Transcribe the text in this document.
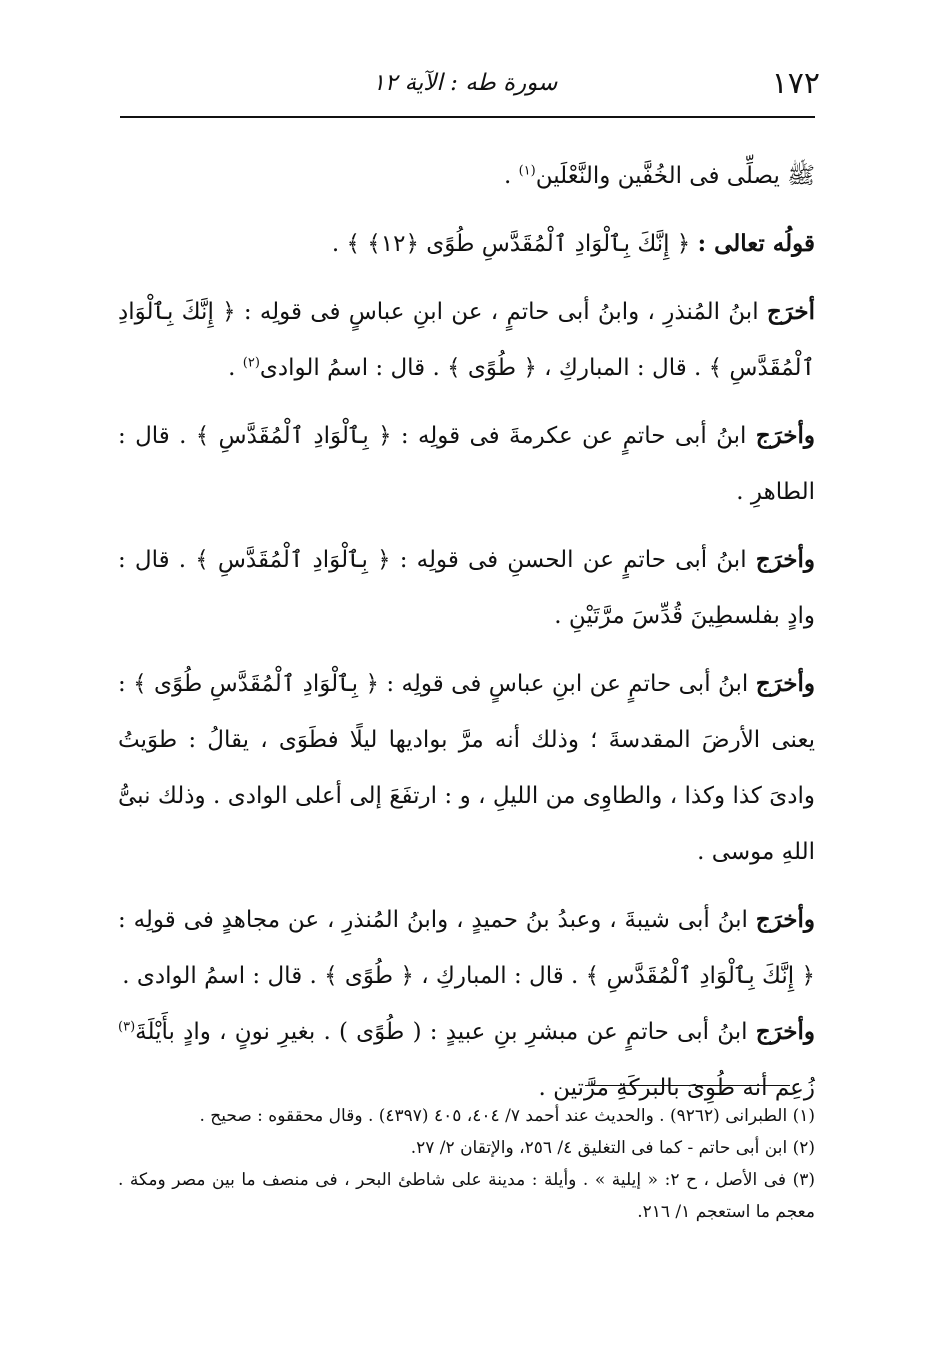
١٧٢
سورة طه : الآية ١٢

ﷺ يصلِّى فى الخُفَّين والنَّعْلَين$^{(١)}$ .

قولُه تعالى : ﴿ إِنَّكَ بِٱلْوَادِ ٱلْمُقَدَّسِ طُوًى ﴿١٢﴾ ﴾ .

أخرَج ابنُ المُنذرِ ، وابنُ أبى حاتمٍ ، عن ابنِ عباسٍ فى قولِه : ﴿ إِنَّكَ بِٱلْوَادِ ٱلْمُقَدَّسِ ﴾ . قال : المباركِ ، ﴿ طُوًى ﴾ . قال : اسمُ الوادى$^{(٢)}$ .

وأخرَج ابنُ أبى حاتمٍ عن عكرمةَ فى قولِه : ﴿ بِٱلْوَادِ ٱلْمُقَدَّسِ ﴾ . قال : الطاهرِ .

وأخرَج ابنُ أبى حاتمٍ عن الحسنِ فى قولِه : ﴿ بِٱلْوَادِ ٱلْمُقَدَّسِ ﴾ . قال : وادٍ بفلسطِينَ قُدِّسَ مرَّتَيْنِ .

وأخرَج ابنُ أبى حاتمٍ عن ابنِ عباسٍ فى قولِه : ﴿ بِٱلْوَادِ ٱلْمُقَدَّسِ طُوًى ﴾ : يعنى الأرضَ المقدسةَ ؛ وذلك أنه مرَّ بواديها ليلًا فطَوَى ، يقالُ : طوَيتُ وادىَ كذا وكذا ، والطاوِى من الليلِ ، و : ارتفَعَ إلى أعلى الوادى . وذلك نبىُّ اللهِ موسى .

وأخرَج ابنُ أبى شيبةَ ، وعبدُ بنُ حميدٍ ، وابنُ المُنذرِ ، عن مجاهدٍ فى قولِه : ﴿ إِنَّكَ بِٱلْوَادِ ٱلْمُقَدَّسِ ﴾ . قال : المباركِ ، ﴿ طُوًى ﴾ . قال : اسمُ الوادى .

وأخرَج ابنُ أبى حاتمٍ عن مبشرِ بنِ عبيدٍ : ( طُوًى ) . بغيرِ نونٍ ، وادٍ بأَيْلَةَ$^{(٣)}$ زُعِم أنه طُوِىَ بالبركَةِ مرَّتين .

(١) الطبرانى (٩٢٦٢) . والحديث عند أحمد ٧/ ٤٠٤، ٤٠٥ (٤٣٩٧) . وقال محققوه : صحيح .

(٢) ابن أبى حاتم - كما فى التغليق ٤/ ٢٥٦، والإتقان ٢/ ٢٧.

(٣) فى الأصل ، ح ٢: « إيلية » . وأيلة : مدينة على شاطئ البحر ، فى منصف ما بين مصر ومكة . معجم ما استعجم ١/ ٢١٦.
